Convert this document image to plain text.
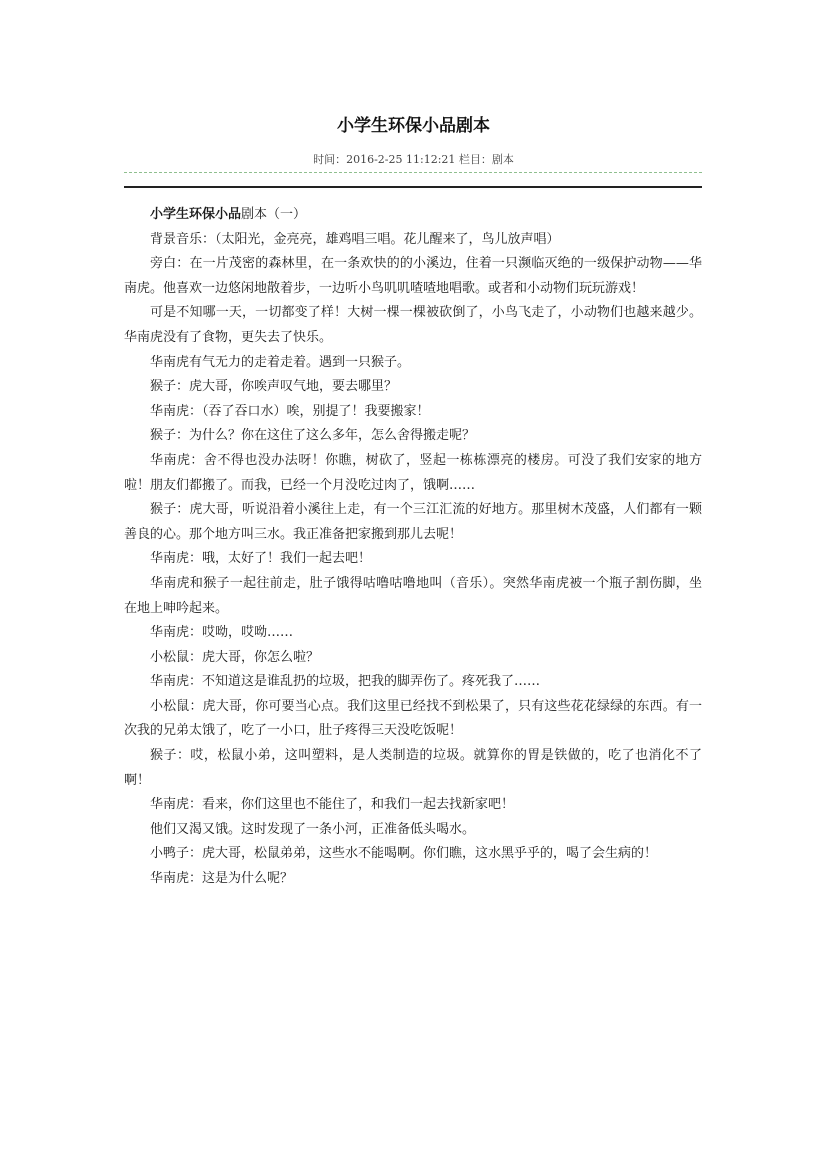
小学生环保小品剧本
时间：2016-2-25 11:12:21 栏目：剧本

小学生环保小品剧本（一）

背景音乐：（太阳光，金亮亮，雄鸡唱三唱。花儿醒来了，鸟儿放声唱）

旁白：在一片茂密的森林里，在一条欢快的的小溪边，住着一只濒临灭绝的一级保护动物——华南虎。他喜欢一边悠闲地散着步，一边听小鸟叽叽喳喳地唱歌。或者和小动物们玩玩游戏！

可是不知哪一天，一切都变了样！大树一棵一棵被砍倒了，小鸟飞走了，小动物们也越来越少。华南虎没有了食物，更失去了快乐。

华南虎有气无力的走着走着。遇到一只猴子。

猴子：虎大哥，你唉声叹气地，要去哪里？

华南虎：（吞了吞口水）唉，别提了！我要搬家！

猴子：为什么？你在这住了这么多年，怎么舍得搬走呢？

华南虎：舍不得也没办法呀！你瞧，树砍了，竖起一栋栋漂亮的楼房。可没了我们安家的地方啦！朋友们都搬了。而我，已经一个月没吃过肉了，饿啊……

猴子：虎大哥，听说沿着小溪往上走，有一个三江汇流的好地方。那里树木茂盛，人们都有一颗善良的心。那个地方叫三水。我正准备把家搬到那儿去呢！

华南虎：哦，太好了！我们一起去吧！

华南虎和猴子一起往前走，肚子饿得咕噜咕噜地叫（音乐）。突然华南虎被一个瓶子割伤脚，坐在地上呻吟起来。

华南虎：哎呦，哎呦……

小松鼠：虎大哥，你怎么啦？

华南虎：不知道这是谁乱扔的垃圾，把我的脚弄伤了。疼死我了……

小松鼠：虎大哥，你可要当心点。我们这里已经找不到松果了，只有这些花花绿绿的东西。有一次我的兄弟太饿了，吃了一小口，肚子疼得三天没吃饭呢！

猴子：哎，松鼠小弟，这叫塑料，是人类制造的垃圾。就算你的胃是铁做的，吃了也消化不了啊！

华南虎：看来，你们这里也不能住了，和我们一起去找新家吧！

他们又渴又饿。这时发现了一条小河，正准备低头喝水。

小鸭子：虎大哥，松鼠弟弟，这些水不能喝啊。你们瞧，这水黑乎乎的，喝了会生病的！

华南虎：这是为什么呢？
